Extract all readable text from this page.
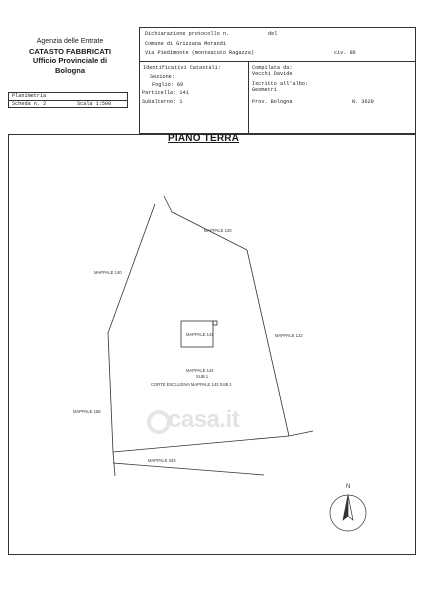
Agenzia delle Entrate
CATASTO FABBRICATI
Ufficio Provinciale di
Bologna
Dichiarazione protocollo n.	del
Comune di Grizzana Morandi
Via Piedimonte (monteacuto Ragazza)	civ. 86
Identificativi Catastali:
Sezione:
Foglio: 69
Particella: 141
Subalterno: 1
Compilata da:
Vecchi Davide
Iscritto all'albo:
Geometri
Prov. Bologna	N. 3629
Planimetria
Scheda n. 2	Scala 1:500
PIANO TERRA
casa.it
MAPPALE 120
MAPPALE 140
MAPPALE 122
MAPPALE 141
MAPPALE 142
SUB 1
CORTE ESCLUSIVA MAPPALE 143 SUB 1
MAPPALE 158
MAPPALE 343
N
